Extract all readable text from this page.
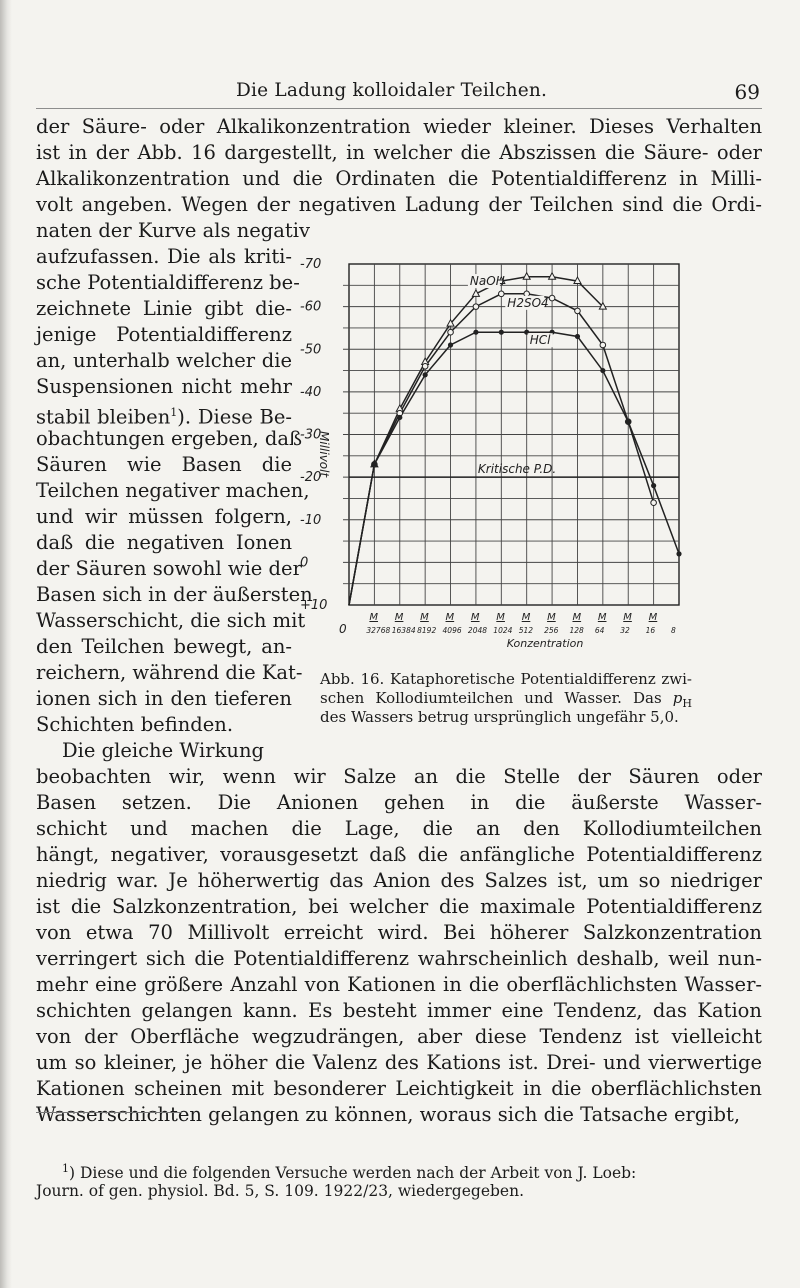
Die Ladung kolloidaler Teilchen.	69
der Säure- oder Alkalikonzentration wieder kleiner. Dieses Verhalten
ist in der Abb. 16 dargestellt, in welcher die Abszissen die Säure- oder
Alkalikonzentration und die Ordinaten die Potentialdifferenz in Milli-
volt angeben. Wegen der negativen Ladung der Teilchen sind die Ordi-
naten der Kurve als negativ
aufzufassen. Die als kriti-
sche Potentialdifferenz be-
zeichnete Linie gibt die-
jenige Potentialdifferenz
an, unterhalb welcher die
Suspensionen nicht mehr
stabil bleiben$^1$). Diese Be-
obachtungen ergeben, daß
Säuren wie Basen die
Teilchen negativer machen,
und wir müssen folgern,
daß die negativen Ionen
der Säuren sowohl wie der
Basen sich in der äußersten
Wasserschicht, die sich mit
den Teilchen bewegt, an-
reichern, während die Kat-
ionen sich in den tieferen
Schichten befinden.
Die gleiche Wirkung
beobachten wir, wenn wir Salze an die Stelle der Säuren oder
Basen setzen. Die Anionen gehen in die äußerste Wasser-
schicht und machen die Lage, die an den Kollodiumteilchen
hängt, negativer, vorausgesetzt daß die anfängliche Potentialdifferenz
niedrig war. Je höherwertig das Anion des Salzes ist, um so niedriger
ist die Salzkonzentration, bei welcher die maximale Potentialdifferenz
von etwa 70 Millivolt erreicht wird. Bei höherer Salzkonzentration
verringert sich die Potentialdifferenz wahrscheinlich deshalb, weil nun-
mehr eine größere Anzahl von Kationen in die oberflächlichsten Wasser-
schichten gelangen kann. Es besteht immer eine Tendenz, das Kation
von der Oberfläche wegzudrängen, aber diese Tendenz ist vielleicht
um so kleiner, je höher die Valenz des Kations ist. Drei- und vierwertige
Kationen scheinen mit besonderer Leichtigkeit in die oberflächlichsten
Wasserschichten gelangen zu können, woraus sich die Tatsache ergibt,
Kritische P.D.
-70
-60
-50
-40
-30
-20
-10
0
+10
Millivolt
0
M M M M M M M M M M M M
32768 16384 8192 4096 2048 1024 512 256 128 64 32 16 8
Konzentration
NaOH
H2SO4
HCl
Abb. 16. Kataphoretische Potentialdifferenz zwi-
schen Kollodiumteilchen und Wasser. Das $p_H$
des Wassers betrug ursprünglich ungefähr 5,0.
$^1$) Diese und die folgenden Versuche werden nach der Arbeit von J. Loeb:
Journ. of gen. physiol. Bd. 5, S. 109. 1922/23, wiedergegeben.
